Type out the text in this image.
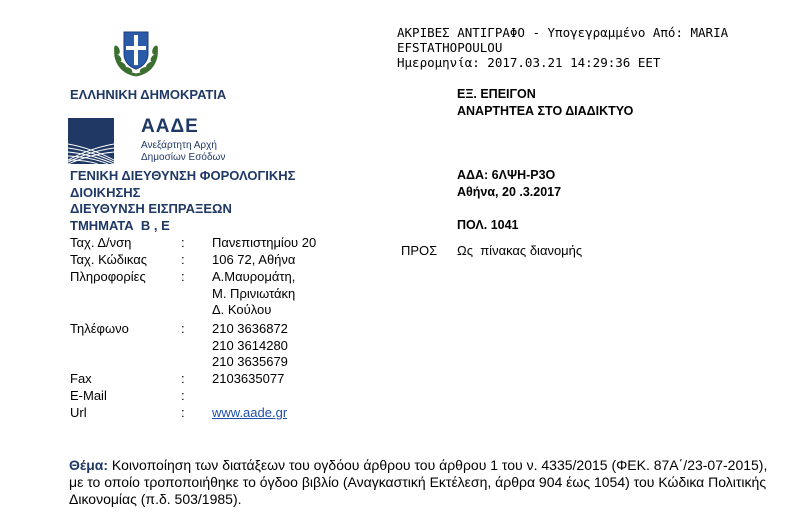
ΑΚΡΙΒΕΣ ΑΝΤΙΓΡΑΦΟ - Υπογεγραμμένο Από: MARIA
EFSTATHOPOULOU
Ημερομηνία: 2017.03.21 14:29:36 EET
ΕΛΛΗΝΙΚΗ ΔΗΜΟΚΡΑΤΙΑ
ΑΑΔΕ
Ανεξάρτητη Αρχή
Δημοσίων Εσόδων
ΓΕΝΙΚΗ ΔΙΕΥΘΥΝΣΗ ΦΟΡΟΛΟΓΙΚΗΣ
ΔΙΟΙΚΗΣΗΣ
ΔΙΕΥΘΥΝΣΗ ΕΙΣΠΡΑΞΕΩΝ
ΤΜΗΜΑΤΑ  Β , Ε
ΕΞ. ΕΠΕΙΓΟΝ
ΑΝΑΡΤΗΤΕΑ ΣΤΟ ΔΙΑΔΙΚΤΥΟ
ΑΔΑ: 6ΛΨΗ-Ρ3Ο
Αθήνα, 20 .3.2017
ΠΟΛ. 1041
ΠΡΟΣ Ως  πίνακας διανομής
Ταχ. Δ/νση	: Πανεπιστημίου 20
Ταχ. Κώδικας	: 106 72, Αθήνα
Πληροφορίες	: Α.Μαυρομάτη,
Μ. Πρινιωτάκη
Δ. Κούλου
Τηλέφωνο	: 210 3636872
210 3614280
210 3635679
Fax	: 2103635077
E-Mail	:
Url	: www.aade.gr
Θέμα: Κοινοποίηση των διατάξεων του ογδόου άρθρου του άρθρου 1 του ν. 4335/2015 (ΦΕΚ. 87Α΄/23-07-2015), με το οποίο τροποποιήθηκε το όγδοο βιβλίο (Αναγκαστική Εκτέλεση, άρθρα 904 έως 1054) του Κώδικα Πολιτικής Δικονομίας (π.δ. 503/1985).
